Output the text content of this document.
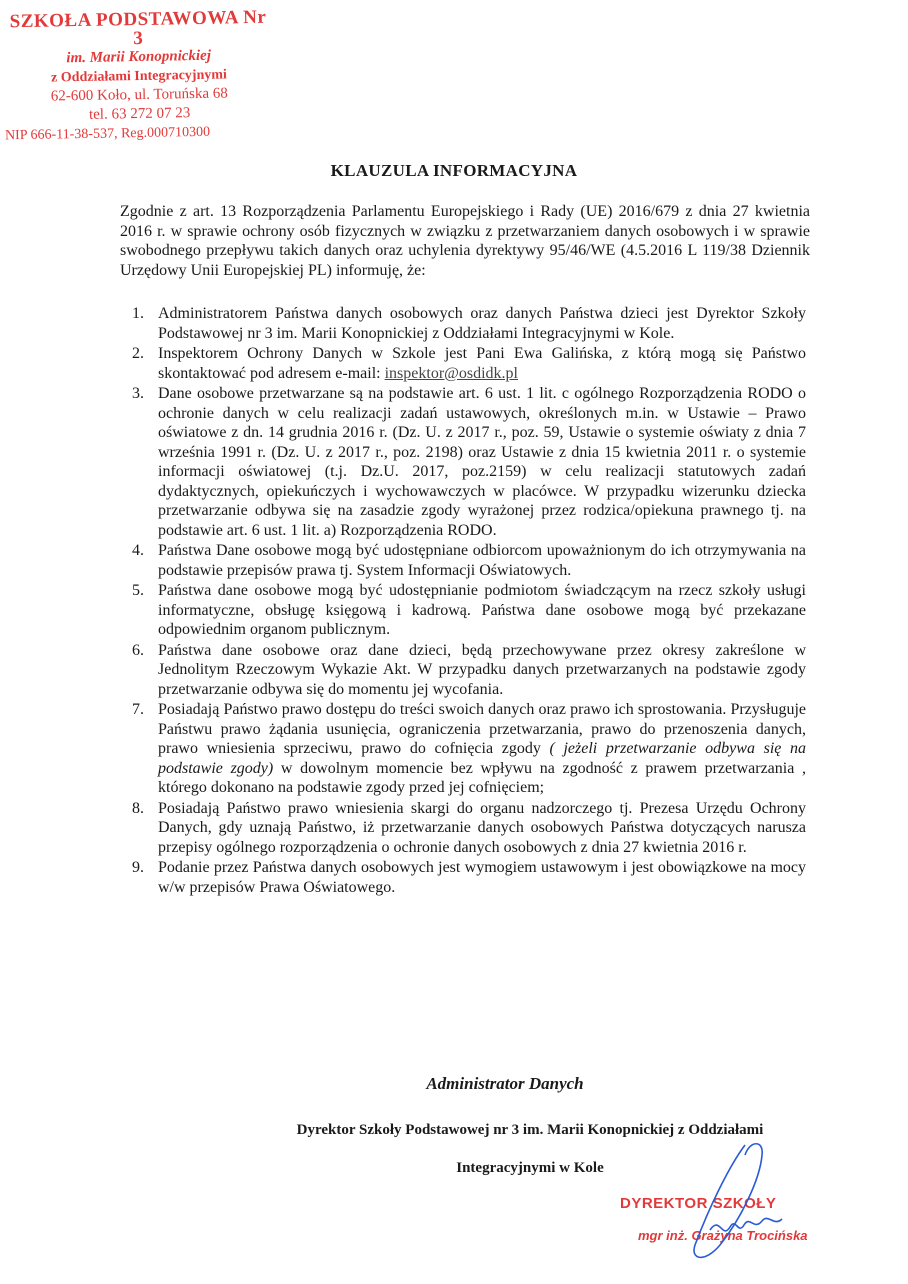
SZKOŁA PODSTAWOWA Nr 3
im. Marii Konopnickiej
z Oddziałami Integracyjnymi
62-600 Koło, ul. Toruńska 68
tel. 63 272 07 23
NIP 666-11-38-537, Reg.000710300
KLAUZULA INFORMACYJNA
Zgodnie z art. 13 Rozporządzenia Parlamentu Europejskiego i Rady (UE) 2016/679 z dnia 27 kwietnia 2016 r. w sprawie ochrony osób fizycznych w związku z przetwarzaniem danych osobowych i w sprawie swobodnego przepływu takich danych oraz uchylenia dyrektywy 95/46/WE (4.5.2016 L 119/38 Dziennik Urzędowy Unii Europejskiej PL) informuję, że:
1. Administratorem Państwa danych osobowych oraz danych Państwa dzieci jest Dyrektor Szkoły Podstawowej nr 3 im. Marii Konopnickiej z Oddziałami Integracyjnymi w Kole.
2. Inspektorem Ochrony Danych w Szkole jest Pani Ewa Galińska, z którą mogą się Państwo skontaktować pod adresem e-mail: inspektor@osdidk.pl
3. Dane osobowe przetwarzane są na podstawie art. 6 ust. 1 lit. c ogólnego Rozporządzenia RODO o ochronie danych w celu realizacji zadań ustawowych, określonych m.in. w Ustawie – Prawo oświatowe z dn. 14 grudnia 2016 r. (Dz. U. z 2017 r., poz. 59, Ustawie o systemie oświaty z dnia 7 września 1991 r. (Dz. U. z 2017 r., poz. 2198) oraz Ustawie z dnia 15 kwietnia 2011 r. o systemie informacji oświatowej (t.j. Dz.U. 2017, poz.2159) w celu realizacji statutowych zadań dydaktycznych, opiekuńczych i wychowawczych w placówce. W przypadku wizerunku dziecka przetwarzanie odbywa się na zasadzie zgody wyrażonej przez rodzica/opiekuna prawnego tj. na podstawie art. 6 ust. 1 lit. a) Rozporządzenia RODO.
4. Państwa Dane osobowe mogą być udostępniane odbiorcom upoważnionym do ich otrzymywania na podstawie przepisów prawa tj. System Informacji Oświatowych.
5. Państwa dane osobowe mogą być udostępnianie podmiotom świadczącym na rzecz szkoły usługi informatyczne, obsługę księgową i kadrową. Państwa dane osobowe mogą być przekazane odpowiednim organom publicznym.
6. Państwa dane osobowe oraz dane dzieci, będą przechowywane przez okresy zakreślone w Jednolitym Rzeczowym Wykazie Akt. W przypadku danych przetwarzanych na podstawie zgody przetwarzanie odbywa się do momentu jej wycofania.
7. Posiadają Państwo prawo dostępu do treści swoich danych oraz prawo ich sprostowania. Przysługuje Państwu prawo żądania usunięcia, ograniczenia przetwarzania, prawo do przenoszenia danych, prawo wniesienia sprzeciwu, prawo do cofnięcia zgody ( jeżeli przetwarzanie odbywa się na podstawie zgody) w dowolnym momencie bez wpływu na zgodność z prawem przetwarzania , którego dokonano na podstawie zgody przed jej cofnięciem;
8. Posiadają Państwo prawo wniesienia skargi do organu nadzorczego tj. Prezesa Urzędu Ochrony Danych, gdy uznają Państwo, iż przetwarzanie danych osobowych Państwa dotyczących narusza przepisy ogólnego rozporządzenia o ochronie danych osobowych z dnia 27 kwietnia 2016 r.
9. Podanie przez Państwa danych osobowych jest wymogiem ustawowym i jest obowiązkowe na mocy w/w przepisów Prawa Oświatowego.
Administrator Danych
Dyrektor Szkoły Podstawowej nr 3 im. Marii Konopnickiej z Oddziałami
Integracyjnymi w Kole
DYREKTOR SZKOŁY
mgr inż. Grażyna Trocińska
